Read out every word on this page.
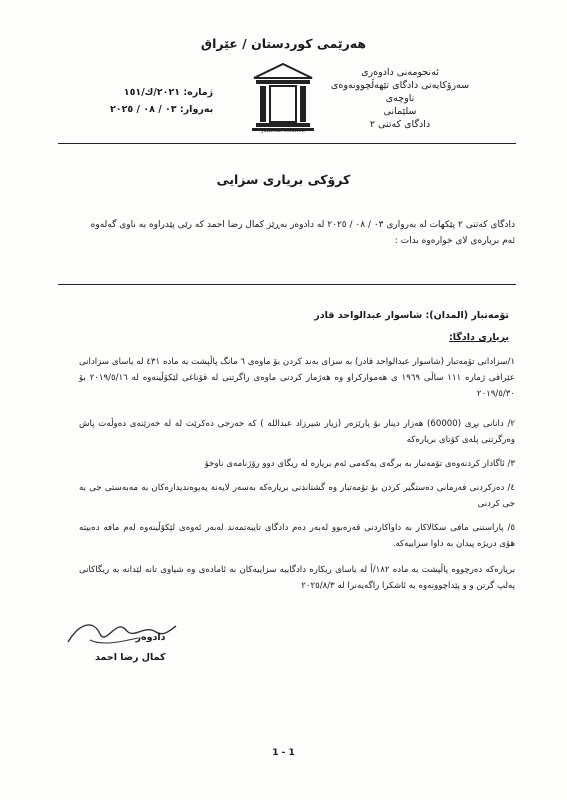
هەرێمی کوردستان / عێراق
ئەنجومەنی دادوەری
سەرۆکایەتی دادگای تێهەڵچوونەوەی ناوچەی
سلێمانی
دادگای کەتنی ٢
ژمارە: ٢٠٢١/ك/١٥١
بەروار: ٠٣ / ٠٨ / ٢٠٢٥
Judicial Council
کرۆکی بریاری سزایی
دادگای کەتنی ٢ پێکهات لە بەرواری ٠٣ / ٠٨ / ٢٠٢٥ لە دادوەر بەڕێز کمال رضا احمد کە رێی پێدراوە بە ناوی گەلەوە ئەم بریارەی لای خوارەوە بدات :
تۆمەتبار (المدان): شاسوار عبدالواحد قادر
بریاری دادگا:
١/سزادانی تۆمەتبار (شاسوار عبدالواحد قادر) بە سزای بەند کردن بۆ ماوەی ٦ مانگ پاڵپشت بە مادە ٤٣١ لە یاسای سزادانی عێراقی ژمارە ١١١ ساڵی ١٩٦٩ ی هەموارکراو وە هەژمار کردنی ماوەی راگرتنی لە قۆناغی لێکۆڵینەوە لە ٢٠١٩/٥/١٦ بۆ ٢٠١٩/٥/٣٠
٢/ دانانی بڕی (60000) هەزار دینار بۆ پارێزەر (زیار شیرزاد عبداللە ) کە خەرجی دەکرێت لە لە خەزێنەی دەوڵەت پاش وەرگرتنی پلەی کۆتای بریارەکە
٣/ ئاگادار کردنەوەی تۆمەتبار بە برگەی یەکەمی ئەم بریارە لە ریگای دوو رۆژنامەی ناوخۆ
٤/ دەرکردنی فەرمانی دەستگیر کردن بۆ تۆمەتبار وە گشتاندنی بریارەکە بەسەر لایەنە پەیوەندیدارەکان بە مەبەستی جی بە جی کردنی
٥/ پاراستنی مافی سکالاکار بە داواکاردنی قەرەبوو لەبەر دەم دادگای تایبەتمەند لەبەر ئەوەی لێکۆڵینەوە لەم مافە دەبیتە هۆی دریژە پیدان بە داوا سزاییەکە.
بریارەکە دەرچووە پاڵپشت بە مادە ١٨٢/أ لە یاسای ریکارە دادگاییە سزاییەکان بە ئامادەی وە شیاوی تانە لێدانە بە ریگاکانی پەلپ گرتن و و پێداچوونەوە بە ئاشکرا راگەیەنرا لە ٢٠٢٥/٨/٣
دادوەر
کمال رضا احمد
1 - 1
